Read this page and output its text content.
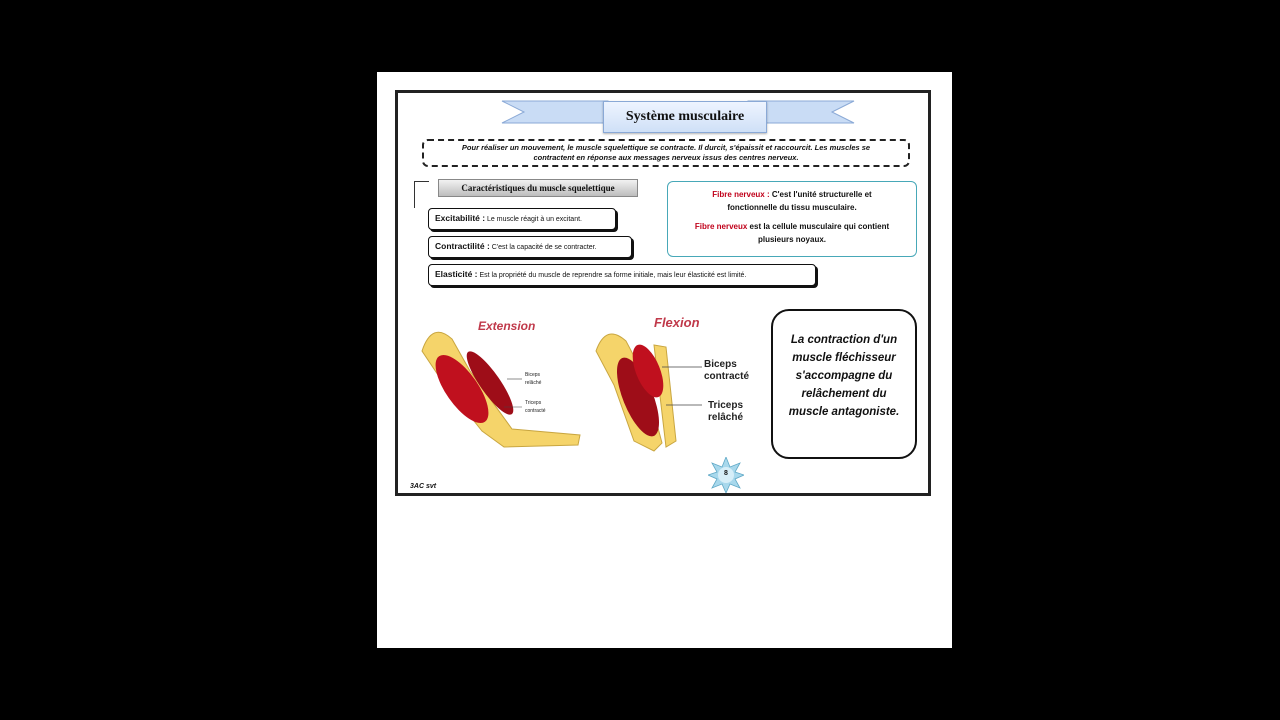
Système musculaire
Pour réaliser un mouvement, le muscle squelettique se contracte. Il durcit, s'épaissit et raccourcit. Les muscles se
contractent en réponse aux messages nerveux issus des centres nerveux.
Caractéristiques du muscle squelettique
Excitabilité : Le muscle réagit à un excitant.
Contractilité : C'est la capacité de se contracter.
Elasticité : Est la propriété du muscle de reprendre sa forme initiale, mais leur élasticité est limité.
Fibre nerveux : C'est l'unité structurelle et
fonctionnelle du tissu musculaire.
Fibre nerveux est la cellule musculaire qui contient
plusieurs noyaux.
Extension
Biceps
relâché
Triceps
contracté
Flexion
Biceps
contracté
Triceps
relâché
La contraction d'un
muscle fléchisseur
s'accompagne du
relâchement du
muscle antagoniste.
8
3AC svt
